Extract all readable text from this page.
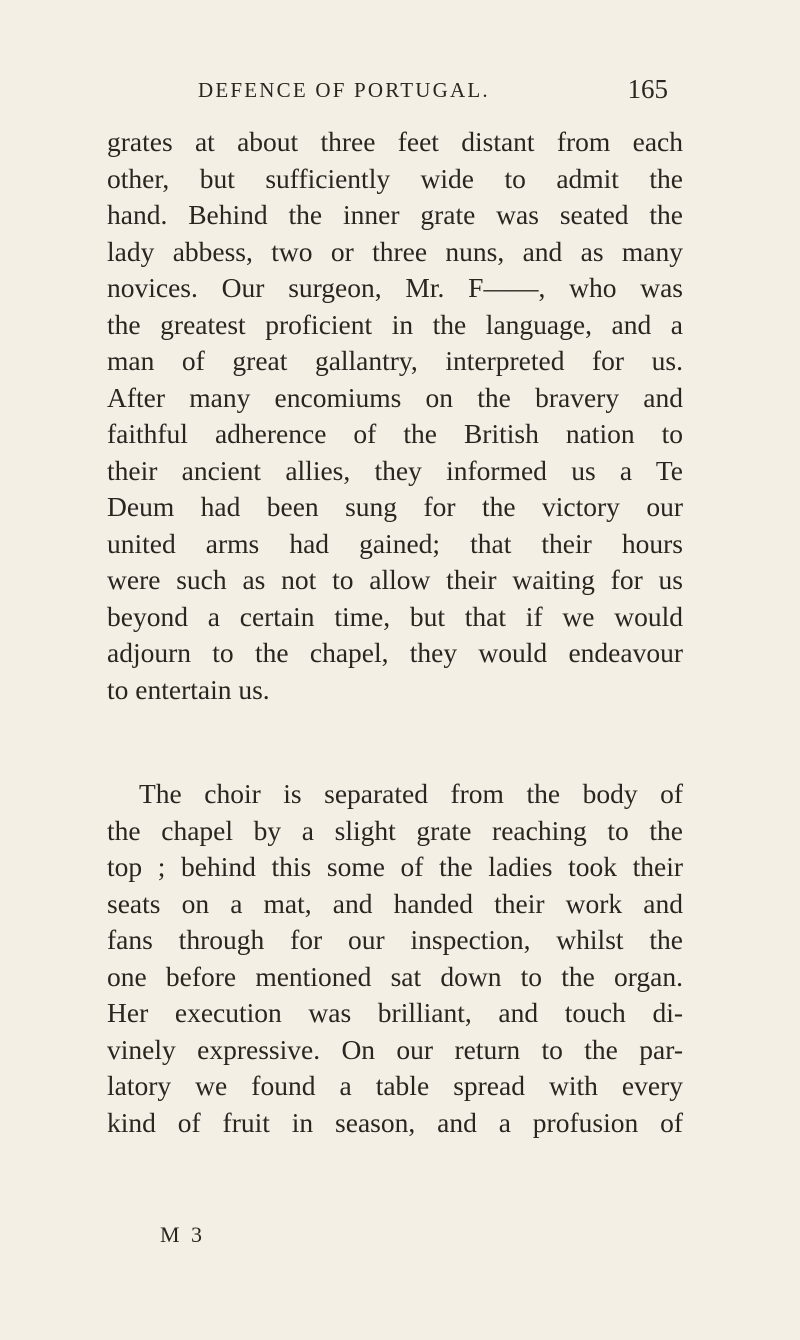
DEFENCE OF PORTUGAL.	165
grates at about three feet distant from each
other, but sufficiently wide to admit the
hand. Behind the inner grate was seated the
lady abbess, two or three nuns, and as many
novices. Our surgeon, Mr. F——, who was
the greatest proficient in the language, and a
man of great gallantry, interpreted for us.
After many encomiums on the bravery and
faithful adherence of the British nation to
their ancient allies, they informed us a Te
Deum had been sung for the victory our
united arms had gained; that their hours
were such as not to allow their waiting for us
beyond a certain time, but that if we would
adjourn to the chapel, they would endeavour
to entertain us.
The choir is separated from the body of
the chapel by a slight grate reaching to the
top ; behind this some of the ladies took their
seats on a mat, and handed their work and
fans through for our inspection, whilst the
one before mentioned sat down to the organ.
Her execution was brilliant, and touch di-
vinely expressive. On our return to the par-
latory we found a table spread with every
kind of fruit in season, and a profusion of
M 3
